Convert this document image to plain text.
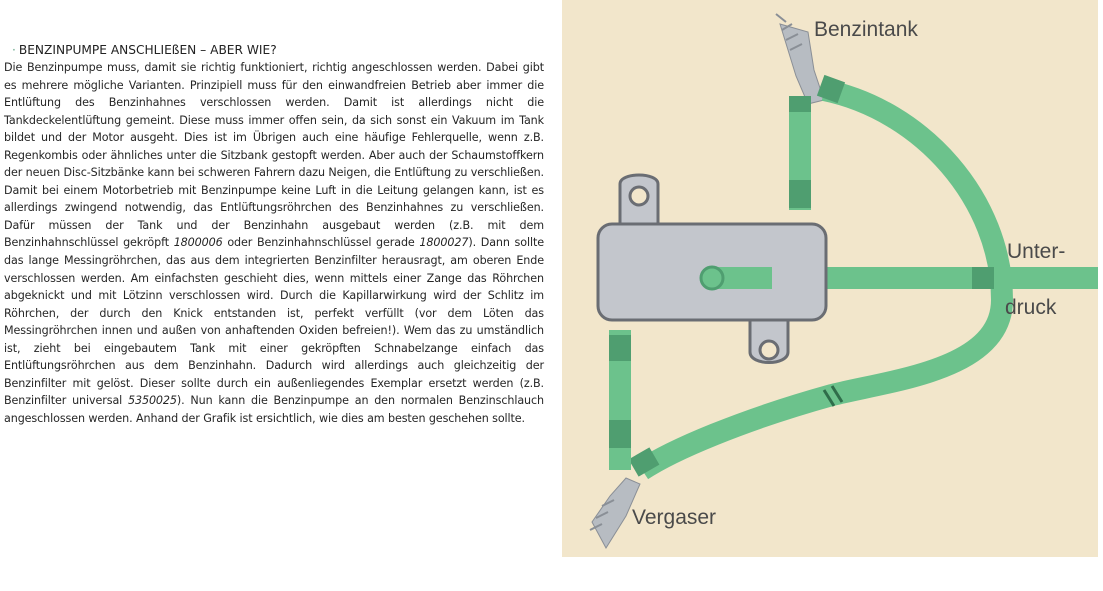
· BENZINPUMPE ANSCHLIEßEN – ABER WIE?

Die Benzinpumpe muss, damit sie richtig funktioniert, richtig angeschlossen werden. Dabei gibt es mehrere mögliche Varianten. Prinzipiell muss für den einwandfreien Betrieb aber immer die Entlüftung des Benzinhahnes verschlossen werden. Damit ist allerdings nicht die Tankdeckelentlüftung gemeint. Diese muss immer offen sein, da sich sonst ein Vakuum im Tank bildet und der Motor ausgeht. Dies ist im Übrigen auch eine häufige Fehlerquelle, wenn z.B. Regenkombis oder ähnliches unter die Sitzbank gestopft werden. Aber auch der Schaumstoffkern der neuen Disc-Sitzbänke kann bei schweren Fahrern dazu Neigen, die Entlüftung zu verschließen. Damit bei einem Motorbetrieb mit Benzinpumpe keine Luft in die Leitung gelangen kann, ist es allerdings zwingend notwendig, das Entlüftungsröhrchen des Benzinhahnes zu verschließen. Dafür müssen der Tank und der Benzinhahn ausgebaut werden (z.B. mit dem Benzinhahnschlüssel gekröpft 1800006 oder Benzinhahnschlüssel gerade 1800027). Dann sollte das lange Messingröhrchen, das aus dem integrierten Benzinfilter herausragt, am oberen Ende verschlossen werden. Am einfachsten geschieht dies, wenn mittels einer Zange das Röhrchen abgeknickt und mit Lötzinn verschlossen wird. Durch die Kapillarwirkung wird der Schlitz im Röhrchen, der durch den Knick entstanden ist, perfekt verfüllt (vor dem Löten das Messingröhrchen innen und außen von anhaftenden Oxiden befreien!). Wem das zu umständlich ist, zieht bei eingebautem Tank mit einer gekröpften Schnabelzange einfach das Entlüftungsröhrchen aus dem Benzinhahn. Dadurch wird allerdings auch gleichzeitig der Benzinfilter mit gelöst. Dieser sollte durch ein außenliegendes Exemplar ersetzt werden (z.B. Benzinfilter universal 5350025). Nun kann die Benzinpumpe an den normalen Benzinschlauch angeschlossen werden. Anhand der Grafik ist ersichtlich, wie dies am besten geschehen sollte.

Benzintank
Unter-
druck
Vergaser
